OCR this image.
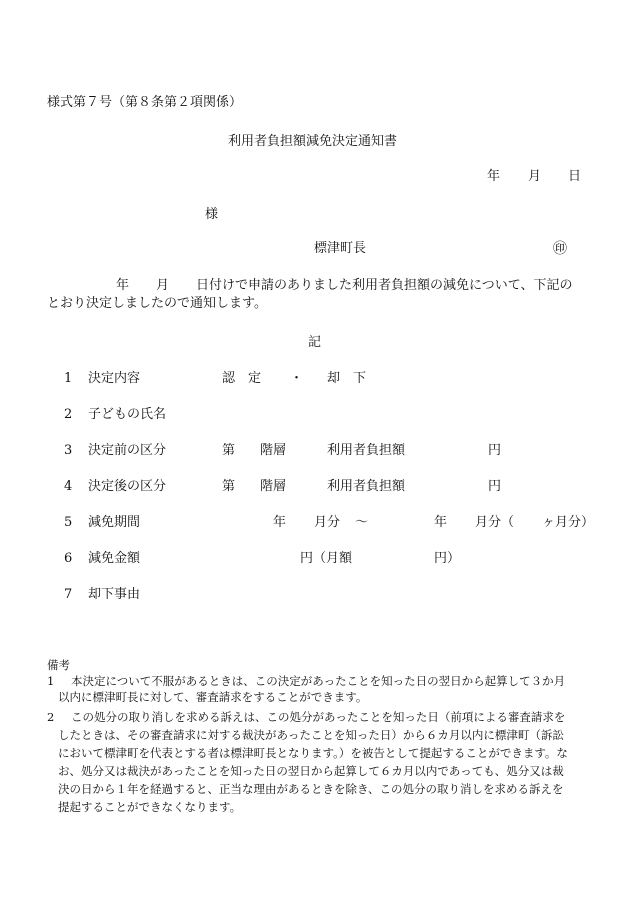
様式第７号（第８条第２項関係）
利用者負担額減免決定通知書
年 月 日
様
標津町長	㊞
年 月 日付けで申請のありました利用者負担額の減免について、下記の
とおり決定しましたので通知します。
記
1 決定内容	認　定 ・ 却　下
2 子どもの氏名
3 決定前の区分	第 階層	利用者負担額	円
4 決定後の区分	第 階層	利用者負担額	円
5 減免期間	年 月分 ～	年 月分（ ヶ月分）
6 減免金額	円（月額	円）
7 却下事由
備考
1 本決定について不服があるときは、この決定があったことを知った日の翌日から起算して３か月
以内に標津町長に対して、審査請求をすることができます。
2 この処分の取り消しを求める訴えは、この処分があったことを知った日（前項による審査請求を
したときは、その審査請求に対する裁決があったことを知った日）から６カ月以内に標津町（訴訟
において標津町を代表とする者は標津町長となります。）を被告として提起することができます。な
お、処分又は裁決があったことを知った日の翌日から起算して６カ月以内であっても、処分又は裁
決の日から１年を経過すると、正当な理由があるときを除き、この処分の取り消しを求める訴えを
提起することができなくなります。
